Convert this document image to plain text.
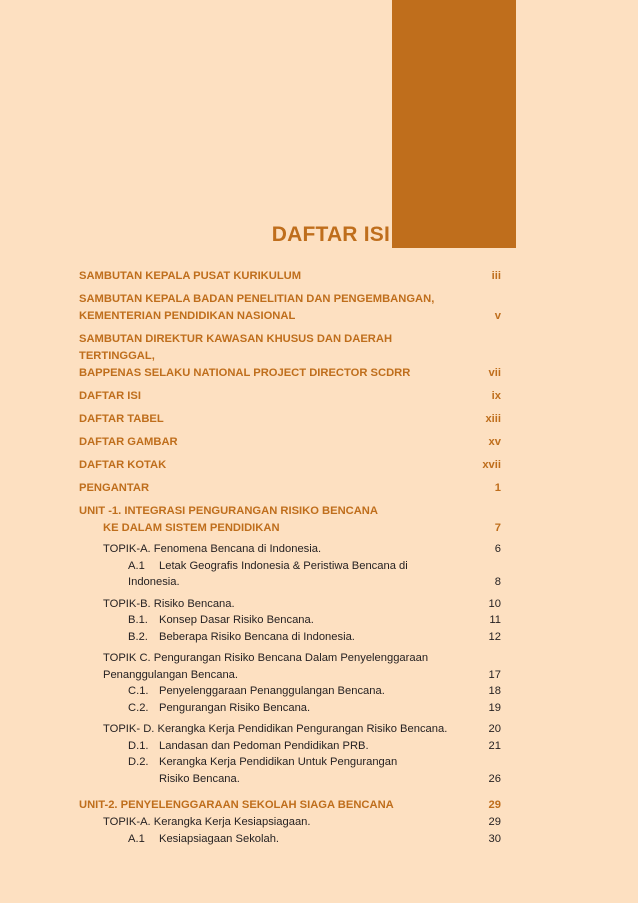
DAFTAR ISI
SAMBUTAN KEPALA PUSAT KURIKULUM	iii
SAMBUTAN KEPALA BADAN PENELITIAN DAN PENGEMBANGAN,
KEMENTERIAN PENDIDIKAN NASIONAL	v
SAMBUTAN DIREKTUR KAWASAN KHUSUS DAN DAERAH TERTINGGAL,
BAPPENAS SELAKU NATIONAL PROJECT DIRECTOR SCDRR	vii
DAFTAR ISI	ix
DAFTAR TABEL	xiii
DAFTAR GAMBAR	xv
DAFTAR KOTAK	xvii
PENGANTAR	1
UNIT -1. INTEGRASI PENGURANGAN RISIKO BENCANA
KE DALAM SISTEM PENDIDIKAN	7
TOPIK-A. Fenomena Bencana di Indonesia.	6
A.1 Letak Geografis Indonesia & Peristiwa Bencana di Indonesia.	8
TOPIK-B. Risiko Bencana.	10
B.1. Konsep Dasar Risiko Bencana.	11
B.2. Beberapa Risiko Bencana di Indonesia.	12
TOPIK C. Pengurangan Risiko Bencana Dalam Penyelenggaraan
Penanggulangan Bencana.	17
C.1. Penyelenggaraan Penanggulangan Bencana.	18
C.2. Pengurangan Risiko Bencana.	19
TOPIK- D. Kerangka Kerja Pendidikan Pengurangan Risiko Bencana.	20
D.1. Landasan dan Pedoman Pendidikan PRB.	21
D.2. Kerangka Kerja Pendidikan Untuk Pengurangan
Risiko Bencana.	26
UNIT-2. PENYELENGGARAAN SEKOLAH SIAGA BENCANA	29
TOPIK-A. Kerangka Kerja Kesiapsiagaan.	29
A.1 Kesiapsiagaan Sekolah.	30
